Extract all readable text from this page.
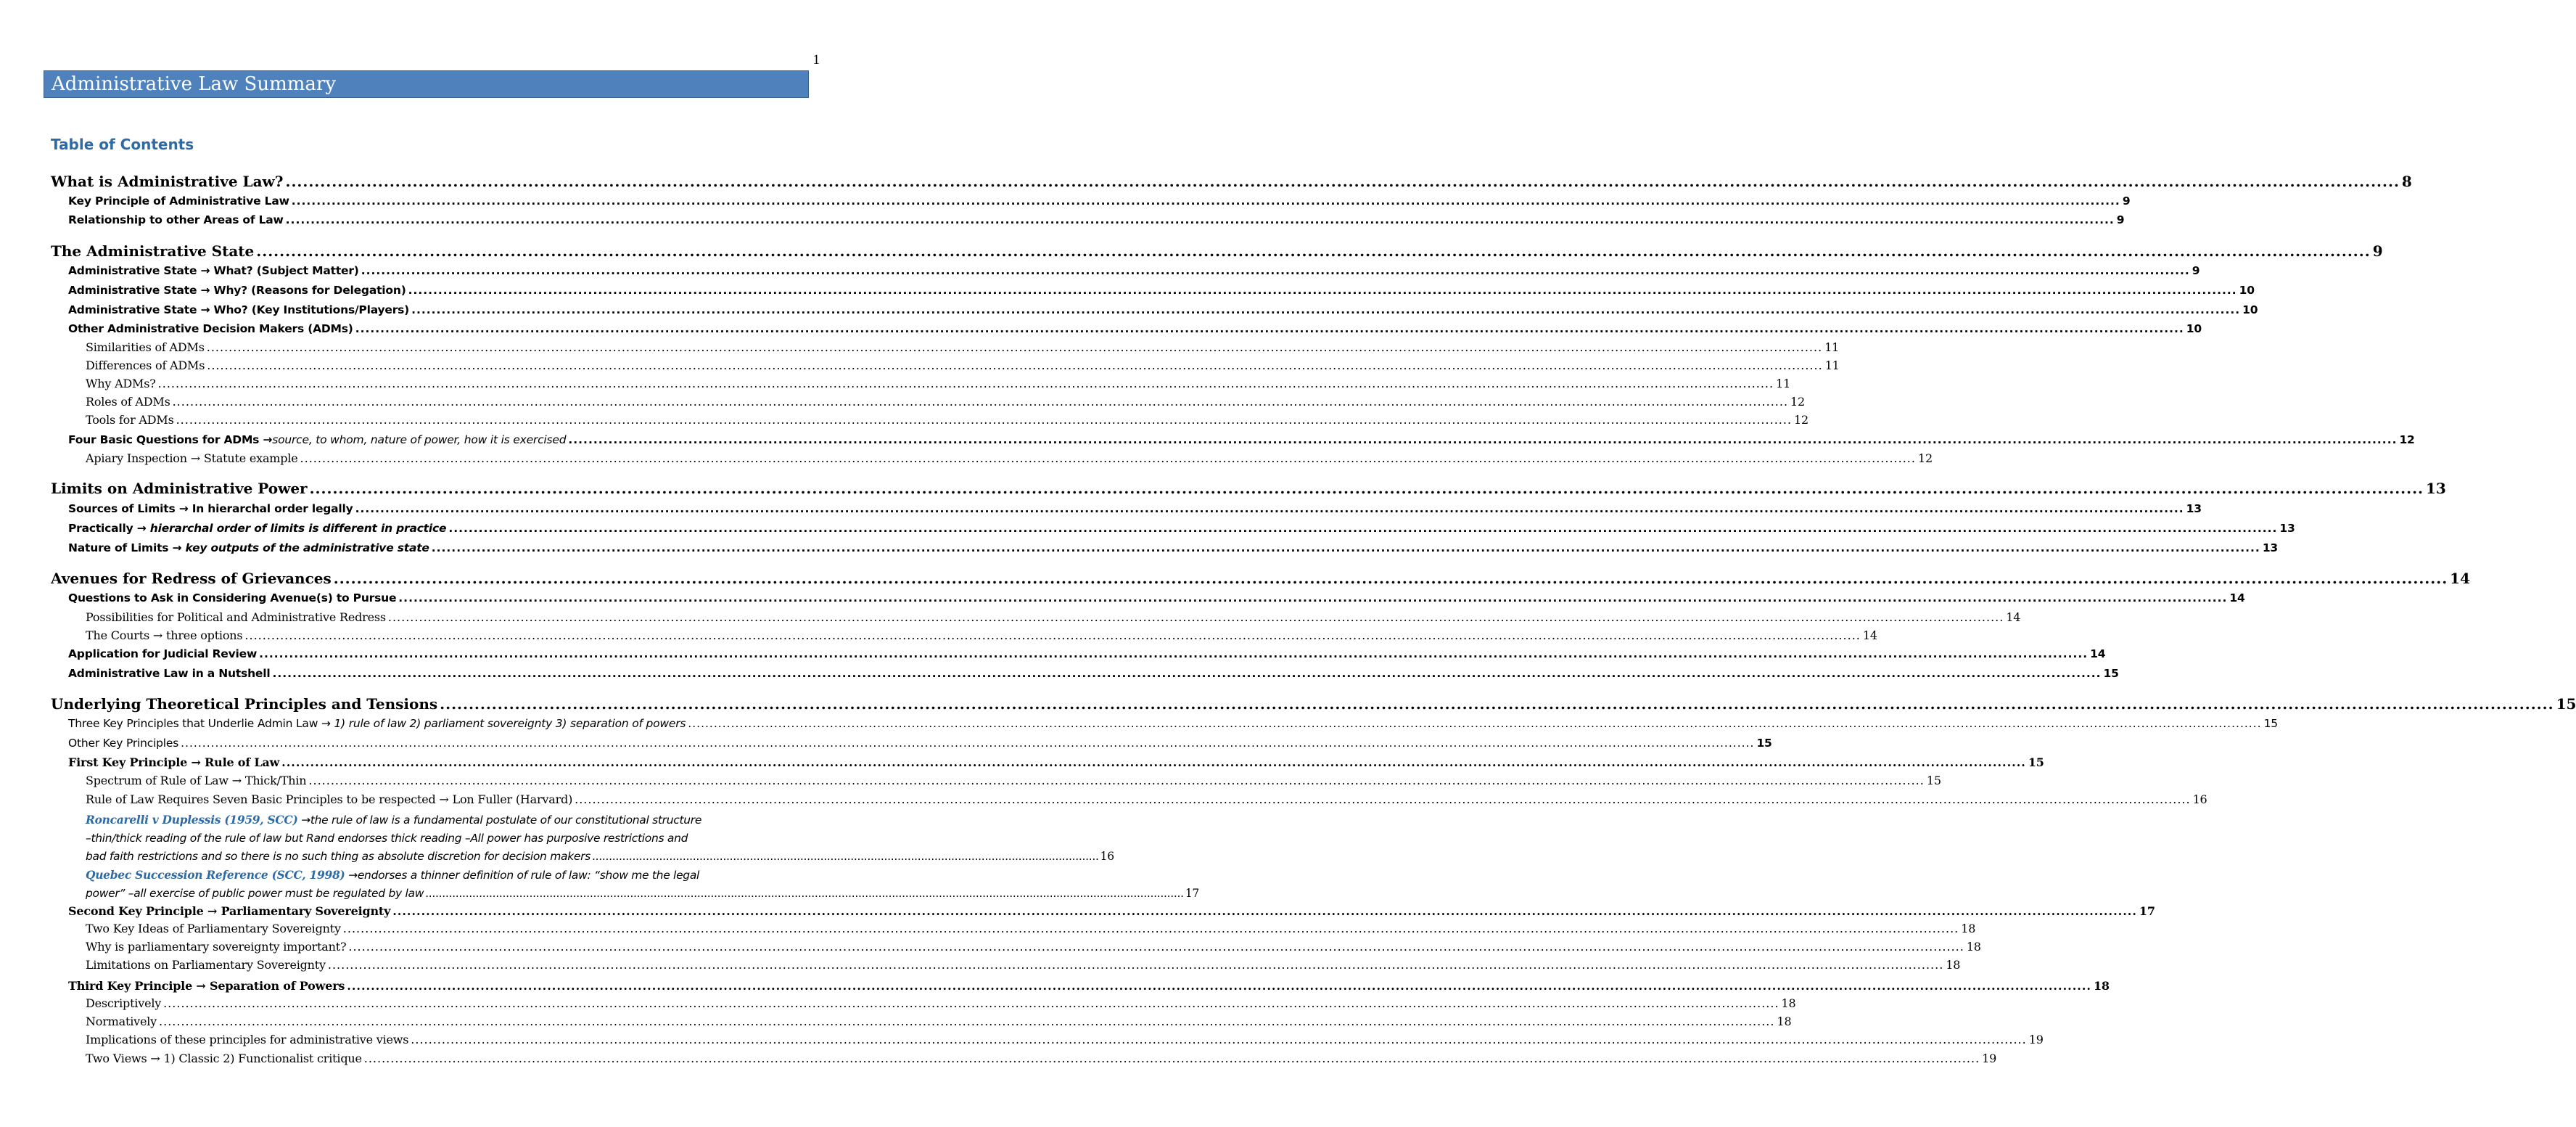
1
Administrative Law Summary
Table of Contents
What is Administrative Law? .....	8
Key Principle of Administrative Law .....	9
Relationship to other Areas of Law .....	9
The Administrative State .....	9
Administrative State → What? (Subject Matter) .....	9
Administrative State → Why? (Reasons for Delegation) .....	10
Administrative State → Who? (Key Institutions/Players) .....	10
Other Administrative Decision Makers (ADMs) .....	10
Similarities of ADMs .....	11
Differences of ADMs .....	11
Why ADMs? .....	11
Roles of ADMs .....	12
Tools for ADMs .....	12
Four Basic Questions for ADMs →source, to whom, nature of power, how it is exercised .....	12
Apiary Inspection → Statute example .....	12
Limits on Administrative Power .....	13
Sources of Limits → In hierarchal order legally .....	13
Practically → hierarchal order of limits is different in practice .....	13
Nature of Limits → key outputs of the administrative state .....	13
Avenues for Redress of Grievances .....	14
Questions to Ask in Considering Avenue(s) to Pursue .....	14
Possibilities for Political and Administrative Redress .....	14
The Courts → three options .....	14
Application for Judicial Review .....	14
Administrative Law in a Nutshell .....	15
Underlying Theoretical Principles and Tensions .....	15
Three Key Principles that Underlie Admin Law → 1) rule of law 2) parliament sovereignty 3) separation of powers .....	15
Other Key Principles .....	15
First Key Principle → Rule of Law .....	15
Spectrum of Rule of Law → Thick/Thin .....	15
Rule of Law Requires Seven Basic Principles to be respected → Lon Fuller (Harvard) .....	16
Roncarelli v Duplessis (1959, SCC) →the rule of law is a fundamental postulate of our constitutional structure
–thin/thick reading of the rule of law but Rand endorses thick reading –All power has purposive restrictions and
bad faith restrictions and so there is no such thing as absolute discretion for decision makers ....................................................................................................................................................... 16
Quebec Succession Reference (SCC, 1998) →endorses a thinner definition of rule of law: “show me the legal
power” –all exercise of public power must be regulated by law .................................................................................................................................................................................................................................. 17
Second Key Principle → Parliamentary Sovereignty .....	17
Two Key Ideas of Parliamentary Sovereignty .....	18
Why is parliamentary sovereignty important? .....	18
Limitations on Parliamentary Sovereignty .....	18
Third Key Principle → Separation of Powers .....	18
Descriptively .....	18
Normatively .....	18
Implications of these principles for administrative views .....	19
Two Views → 1) Classic 2) Functionalist critique .....	19
